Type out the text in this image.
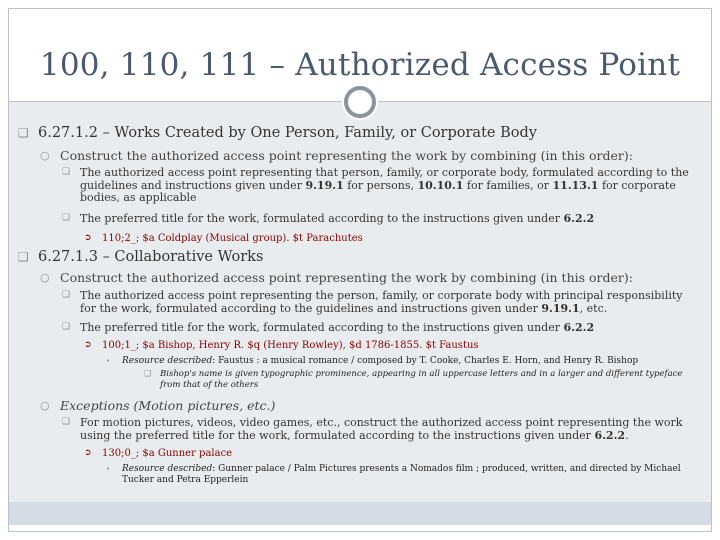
100, 110, 111 – Authorized Access Point
❑ 6.27.1.2 – Works Created by One Person, Family, or Corporate Body
○ Construct the authorized access point representing the work by combining (in this order):
❑ The authorized access point representing that person, family, or corporate body, formulated according to the guidelines and instructions given under 9.19.1 for persons, 10.10.1 for families, or 11.13.1 for corporate bodies, as applicable
❑ The preferred title for the work, formulated according to the instructions given under 6.2.2
➲ 110;2_; $a Coldplay (Musical group). $t Parachutes
❑ 6.27.1.3 – Collaborative Works
○ Construct the authorized access point representing the work by combining (in this order):
❑ The authorized access point representing the person, family, or corporate body with principal responsibility for the work, formulated according to the guidelines and instructions given under 9.19.1, etc.
❑ The preferred title for the work, formulated according to the instructions given under 6.2.2
➲ 100;1_; $a Bishop, Henry R. $q (Henry Rowley), $d 1786-1855. $t Faustus
•	Resource described: Faustus : a musical romance / composed by T. Cooke, Charles E. Horn, and Henry R. Bishop
❑	Bishop's name is given typographic prominence, appearing in all uppercase letters and in a larger and different typeface from that of the others
○ Exceptions (Motion pictures, etc.)
❑ For motion pictures, videos, video games, etc., construct the authorized access point representing the work using the preferred title for the work, formulated according to the instructions given under 6.2.2.
➲ 130;0_; $a Gunner palace
•	Resource described: Gunner palace / Palm Pictures presents a Nomados film ; produced, written, and directed by Michael Tucker and Petra Epperlein
